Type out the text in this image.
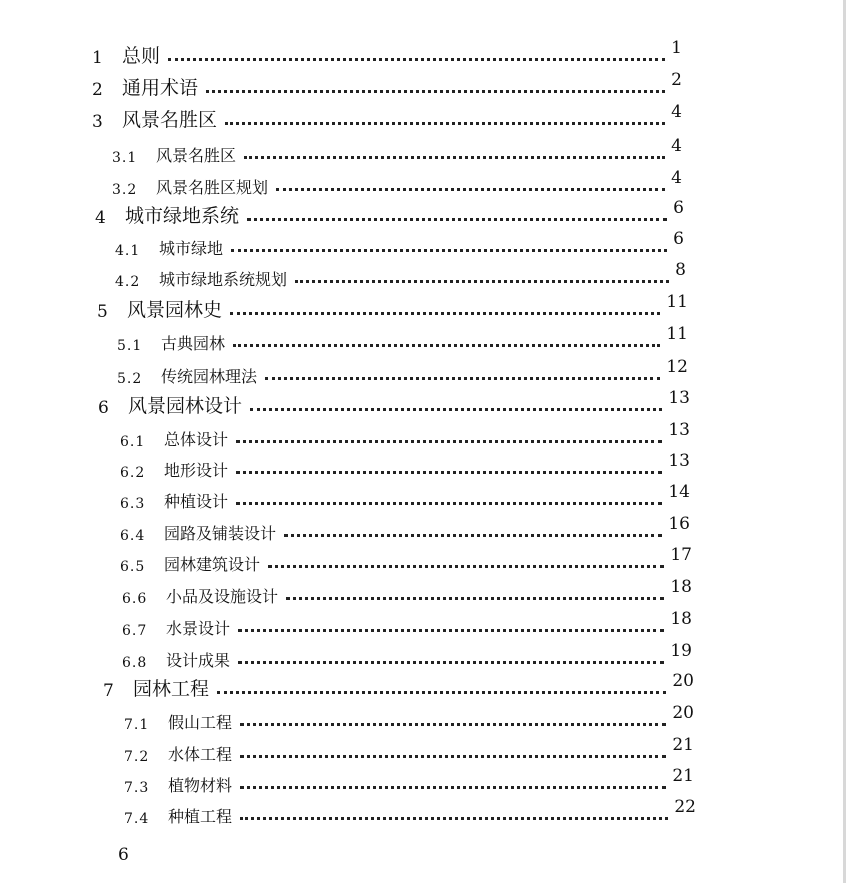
1	总则	1
2	通用术语	2
3	风景名胜区	4
3.1	风景名胜区	4
3.2	风景名胜区规划	4
4	城市绿地系统	6
4.1	城市绿地	6
4.2	城市绿地系统规划	8
5	风景园林史	11
5.1	古典园林	11
5.2	传统园林理法	12
6	风景园林设计	13
6.1	总体设计	13
6.2	地形设计	13
6.3	种植设计	14
6.4	园路及铺装设计	16
6.5	园林建筑设计	17
6.6	小品及设施设计	18
6.7	水景设计	18
6.8	设计成果	19
7	园林工程	20
7.1	假山工程	20
7.2	水体工程	21
7.3	植物材料	21
7.4	种植工程	22
6
